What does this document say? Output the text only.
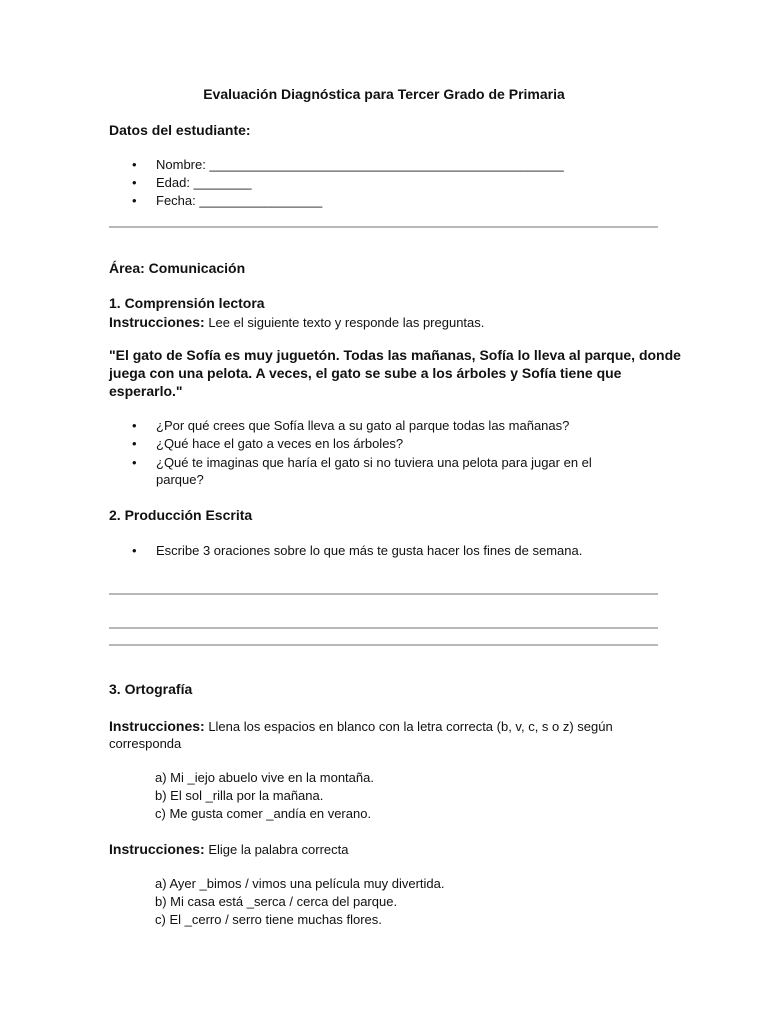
Evaluación Diagnóstica para Tercer Grado de Primaria
Datos del estudiante:
• Nombre: _________________________________________________
• Edad: ________
• Fecha: _________________
Área: Comunicación
1. Comprensión lectora
Instrucciones: Lee el siguiente texto y responde las preguntas.
"El gato de Sofía es muy juguetón. Todas las mañanas, Sofía lo lleva al parque, donde
juega con una pelota. A veces, el gato se sube a los árboles y Sofía tiene que
esperarlo."
• ¿Por qué crees que Sofía lleva a su gato al parque todas las mañanas?
• ¿Qué hace el gato a veces en los árboles?
• ¿Qué te imaginas que haría el gato si no tuviera una pelota para jugar en el
parque?
2. Producción Escrita
• Escribe 3 oraciones sobre lo que más te gusta hacer los fines de semana.
3. Ortografía
Instrucciones: Llena los espacios en blanco con la letra correcta (b, v, c, s o z) según
corresponda
a) Mi _iejo abuelo vive en la montaña.
b) El sol _rilla por la mañana.
c) Me gusta comer _andía en verano.
Instrucciones: Elige la palabra correcta
a) Ayer _bimos / vimos una película muy divertida.
b) Mi casa está _serca / cerca del parque.
c) El _cerro / serro tiene muchas flores.
